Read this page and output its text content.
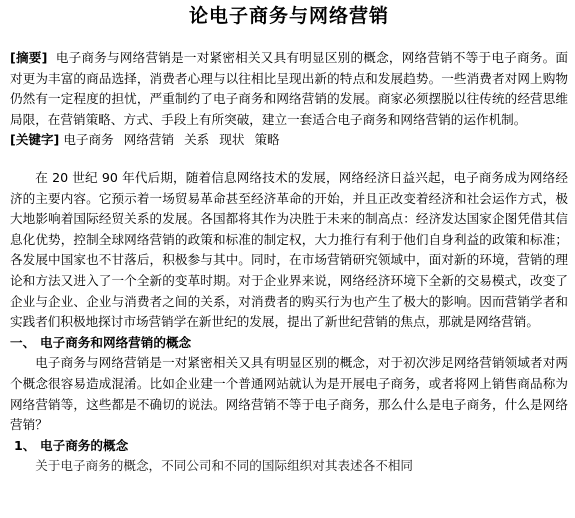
论电子商务与网络营销
[摘要] 电子商务与网络营销是一对紧密相关又具有明显区别的概念，网络营销不等于电子商务。面对更为丰富的商品选择，消费者心理与以往相比呈现出新的特点和发展趋势。一些消费者对网上购物仍然有一定程度的担忧，严重制约了电子商务和网络营销的发展。商家必须摆脱以往传统的经营思维局限，在营销策略、方式、手段上有所突破，建立一套适合电子商务和网络营销的运作机制。
[关键字] 电子商务 网络营销 关系 现状 策略
在 20 世纪 90 年代后期，随着信息网络技术的发展，网络经济日益兴起，电子商务成为网络经济的主要内容。它预示着一场贸易革命甚至经济革命的开始，并且正改变着经济和社会运作方式，极大地影响着国际经贸关系的发展。各国都将其作为决胜于未来的制高点：经济发达国家企图凭借其信息化优势，控制全球网络营销的政策和标准的制定权，大力推行有利于他们自身利益的政策和标准；各发展中国家也不甘落后，积极参与其中。同时，在市场营销研究领域中，面对新的环境，营销的理论和方法又进入了一个全新的变革时期。对于企业界来说，网络经济环境下全新的交易模式，改变了企业与企业、企业与消费者之间的关系，对消费者的购买行为也产生了极大的影响。因而营销学者和实践者们积极地探讨市场营销学在新世纪的发展，提出了新世纪营销的焦点，那就是网络营销。
一、 电子商务和网络营销的概念
电子商务与网络营销是一对紧密相关又具有明显区别的概念，对于初次涉足网络营销领域者对两个概念很容易造成混淆。比如企业建一个普通网站就认为是开展电子商务，或者将网上销售商品称为网络营销等，这些都是不确切的说法。网络营销不等于电子商务，那么什么是电子商务，什么是网络营销？
1、 电子商务的概念
关于电子商务的概念，不同公司和不同的国际组织对其表述各不相同
